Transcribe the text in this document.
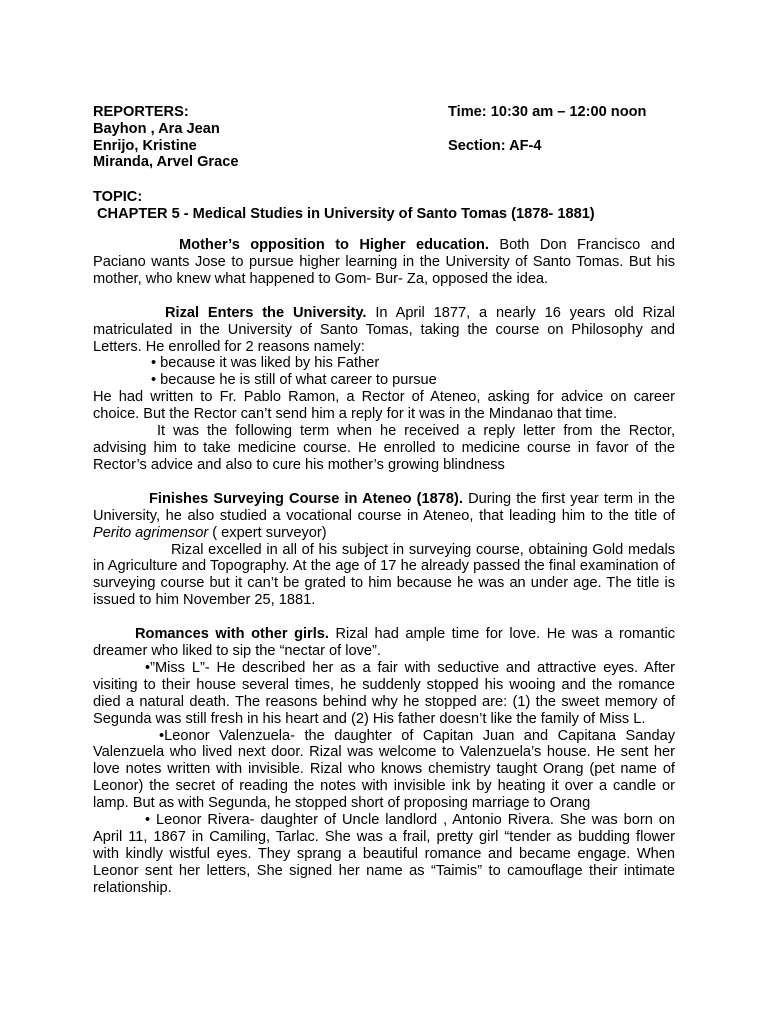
REPORTERS:
Bayhon , Ara Jean
Enrijo, Kristine
Miranda, Arvel Grace
Time: 10:30 am – 12:00 noon
Section: AF-4
TOPIC:
CHAPTER 5 - Medical Studies in University of Santo Tomas (1878- 1881)

Mother’s opposition to Higher education. Both Don Francisco and Paciano wants Jose to pursue higher learning in the University of Santo Tomas. But his mother, who knew what happened to Gom- Bur- Za, opposed the idea.

Rizal Enters the University. In April 1877, a nearly 16 years old Rizal matriculated in the University of Santo Tomas, taking the course on Philosophy and Letters. He enrolled for 2 reasons namely:

• because it was liked by his Father

• because he is still of what career to pursue

He had written to Fr. Pablo Ramon, a Rector of Ateneo, asking for advice on career choice. But the Rector can’t send him a reply for it was in the Mindanao that time.

It was the following term when he received a reply letter from the Rector, advising him to take medicine course. He enrolled to medicine course in favor of the Rector’s advice and also to cure his mother’s growing blindness

Finishes Surveying Course in Ateneo (1878). During the first year term in the University, he also studied a vocational course in Ateneo, that leading him to the title of Perito agrimensor ( expert surveyor)

Rizal excelled in all of his subject in surveying course, obtaining Gold medals in Agriculture and Topography. At the age of 17 he already passed the final examination of surveying course but it can’t be grated to him because he was an under age. The title is issued to him November 25, 1881.

Romances with other girls. Rizal had ample time for love. He was a romantic dreamer who liked to sip the “nectar of love”.

•”Miss L”- He described her as a fair with seductive and attractive eyes. After visiting to their house several times, he suddenly stopped his wooing and the romance died a natural death. The reasons behind why he stopped are: (1) the sweet memory of Segunda was still fresh in his heart and (2) His father doesn’t like the family of Miss L.

•Leonor Valenzuela- the daughter of Capitan Juan and Capitana Sanday Valenzuela who lived next door. Rizal was welcome to Valenzuela’s house. He sent her love notes written with invisible. Rizal who knows chemistry taught Orang (pet name of Leonor) the secret of reading the notes with invisible ink by heating it over a candle or lamp. But as with Segunda, he stopped short of proposing marriage to Orang

• Leonor Rivera- daughter of Uncle landlord , Antonio Rivera. She was born on April 11, 1867 in Camiling, Tarlac. She was a frail, pretty girl “tender as budding flower with kindly wistful eyes. They sprang a beautiful romance and became engage. When Leonor sent her letters, She signed her name as “Taimis” to camouflage their intimate relationship.
